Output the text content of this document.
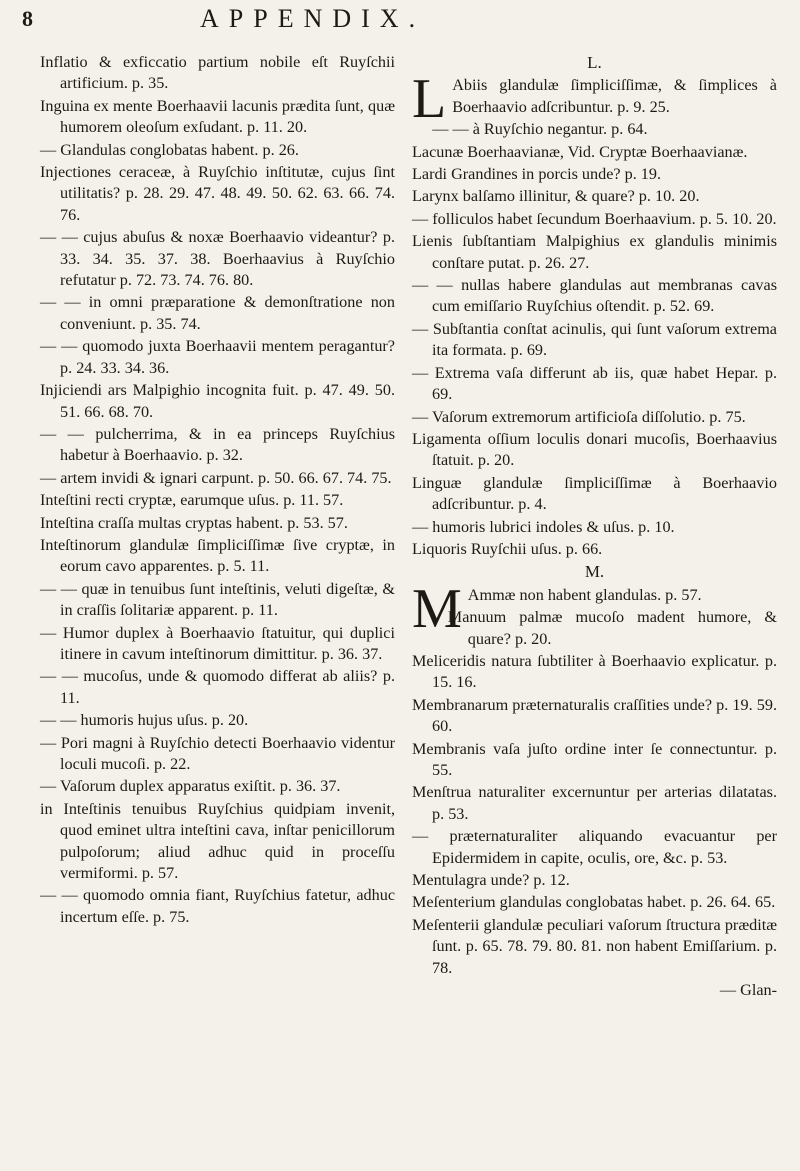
8	APPENDIX.

Inflatio & exficcatio partium nobile eſt Ruyſchii artificium. p. 35.

Inguina ex mente Boerhaavii lacunis prædita ſunt, quæ humorem oleoſum exſudant. p. 11. 20.

— Glandulas conglobatas habent. p. 26.

Injectiones ceraceæ, à Ruyſchio inſtitutæ, cujus ſint utilitatis? p. 28. 29. 47. 48. 49. 50. 62. 63. 66. 74. 76.

— — cujus abuſus & noxæ Boerhaavio videantur? p. 33. 34. 35. 37. 38. Boerhaavius à Ruyſchio refutatur p. 72. 73. 74. 76. 80.

— — in omni præparatione & demonſtratione non conveniunt. p. 35. 74.

— — quomodo juxta Boerhaavii mentem peragantur? p. 24. 33. 34. 36.

Injiciendi ars Malpighio incognita fuit. p. 47. 49. 50. 51. 66. 68. 70.

— — pulcherrima, & in ea princeps Ruyſchius habetur à Boerhaavio. p. 32.

— artem invidi & ignari carpunt. p. 50. 66. 67. 74. 75.

Inteſtini recti cryptæ, earumque uſus. p. 11. 57.

Inteſtina craſſa multas cryptas habent. p. 53. 57.

Inteſtinorum glandulæ ſimpliciſſimæ ſive cryptæ, in eorum cavo apparentes. p. 5. 11.

— — quæ in tenuibus ſunt inteſtinis, veluti digeſtæ, & in craſſis ſolitariæ apparent. p. 11.

— Humor duplex à Boerhaavio ſtatuitur, qui duplici itinere in cavum inteſtinorum dimittitur. p. 36. 37.

— — mucoſus, unde & quomodo differat ab aliis? p. 11.

— — humoris hujus uſus. p. 20.

— Pori magni à Ruyſchio detecti Boerhaavio videntur loculi mucoſi. p. 22.

— Vaſorum duplex apparatus exiſtit. p. 36. 37.

in Inteſtinis tenuibus Ruyſchius quidpiam invenit, quod eminet ultra inteſtini cava, inſtar penicillorum pulpoſorum; aliud adhuc quid in proceſſu vermiformi. p. 57.

— — quomodo omnia fiant, Ruyſchius fatetur, adhuc incertum eſſe. p. 75.

L.

L Abiis glandulæ ſimpliciſſimæ, & ſimplices à Boerhaavio adſcribuntur. p. 9. 25.

— — à Ruyſchio negantur. p. 64.

Lacunæ Boerhaavianæ, Vid. Cryptæ Boerhaavianæ.

Lardi Grandines in porcis unde? p. 19.

Larynx balſamo illinitur, & quare? p. 10. 20.

— folliculos habet ſecundum Boerhaavium. p. 5. 10. 20.

Lienis ſubſtantiam Malpighius ex glandulis minimis conſtare putat. p. 26. 27.

— — nullas habere glandulas aut membranas cavas cum emiſſario Ruyſchius oſtendit. p. 52. 69.

— Subſtantia conſtat acinulis, qui ſunt vaſorum extrema ita formata. p. 69.

— Extrema vaſa differunt ab iis, quæ habet Hepar. p. 69.

— Vaſorum extremorum artificioſa diſſolutio. p. 75.

Ligamenta oſſium loculis donari mucoſis, Boerhaavius ſtatuit. p. 20.

Linguæ glandulæ ſimpliciſſimæ à Boerhaavio adſcribuntur. p. 4.

— humoris lubrici indoles & uſus. p. 10.

Liquoris Ruyſchii uſus. p. 66.

M.

M Ammæ non habent glandulas. p. 57.

Manuum palmæ mucoſo madent humore, & quare? p. 20.

Meliceridis natura ſubtiliter à Boerhaavio explicatur. p. 15. 16.

Membranarum præternaturalis craſſities unde? p. 19. 59. 60.

Membranis vaſa juſto ordine inter ſe connectuntur. p. 55.

Menſtrua naturaliter excernuntur per arterias dilatatas. p. 53.

— præternaturaliter aliquando evacuantur per Epidermidem in capite, oculis, ore, &c. p. 53.

Mentulagra unde? p. 12.

Meſenterium glandulas conglobatas habet. p. 26. 64. 65.

Meſenterii glandulæ peculiari vaſorum ſtructura præditæ ſunt. p. 65. 78. 79. 80. 81. non habent Emiſſarium. p. 78.

— Glan-
